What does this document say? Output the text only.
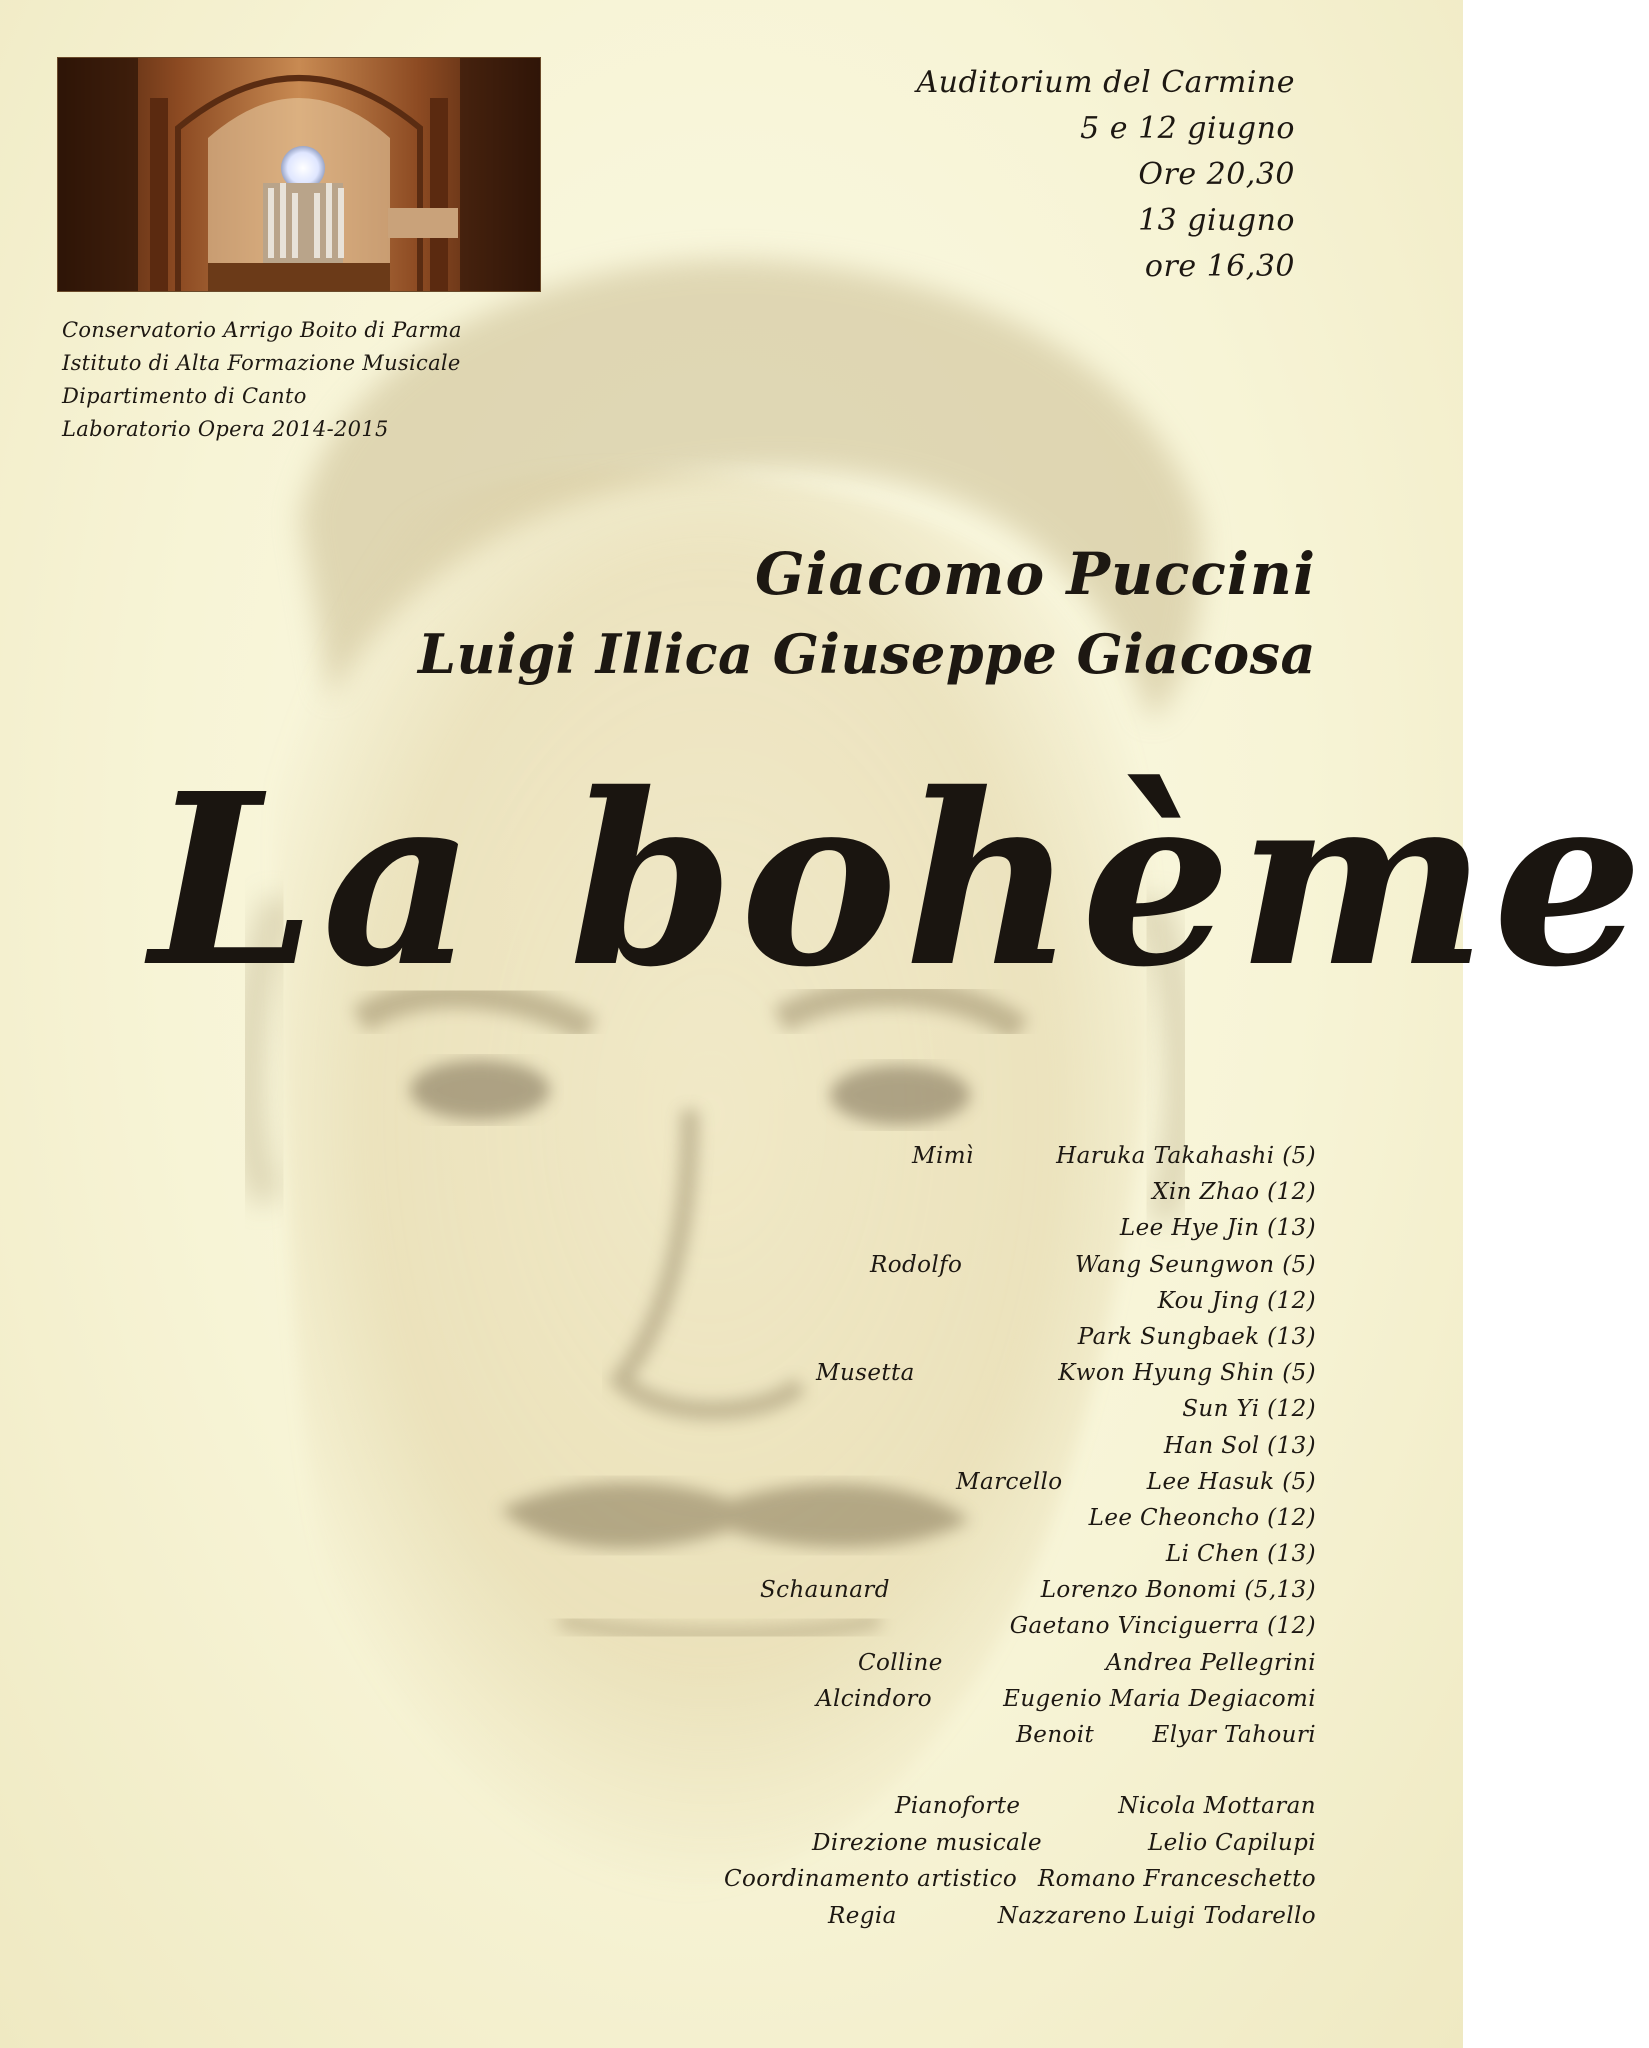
Auditorium del Carmine
5 e 12 giugno
Ore 20,30
13 giugno
ore 16,30
Conservatorio Arrigo Boito di Parma
Istituto di Alta Formazione Musicale
Dipartimento di Canto
Laboratorio Opera 2014-2015
Giacomo Puccini
Luigi Illica Giuseppe Giacosa
La bohème
Mimì	Haruka Takahashi (5)
Xin Zhao (12)
Lee Hye Jin (13)
Rodolfo	Wang Seungwon (5)
Kou Jing (12)
Park Sungbaek (13)
Musetta	Kwon Hyung Shin (5)
Sun Yi (12)
Han Sol (13)
Marcello	Lee Hasuk (5)
Lee Cheoncho (12)
Li Chen (13)
Schaunard	Lorenzo Bonomi (5,13)
Gaetano Vinciguerra (12)
Colline	Andrea Pellegrini
Alcindoro	Eugenio Maria Degiacomi
Benoit	Elyar Tahouri
Pianoforte	Nicola Mottaran
Direzione musicale	Lelio Capilupi
Coordinamento artistico Romano Franceschetto
Regia	Nazzareno Luigi Todarello
